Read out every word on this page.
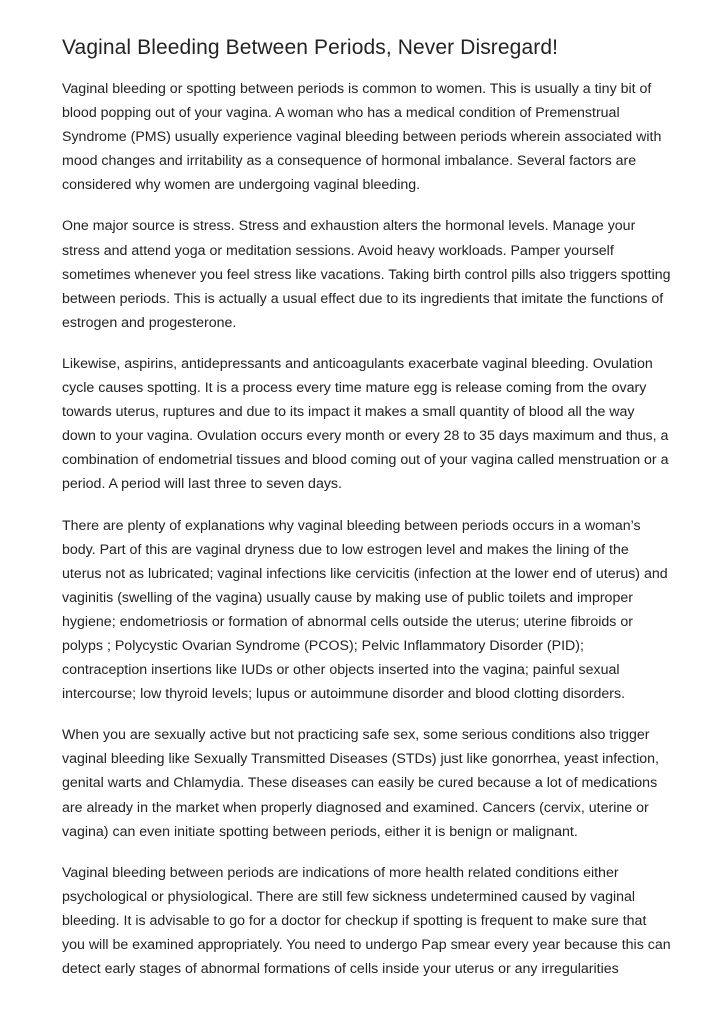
Vaginal Bleeding Between Periods, Never Disregard!

Vaginal bleeding or spotting between periods is common to women. This is usually a tiny bit of blood popping out of your vagina. A woman who has a medical condition of Premenstrual Syndrome (PMS) usually experience vaginal bleeding between periods wherein associated with mood changes and irritability as a consequence of hormonal imbalance. Several factors are considered why women are undergoing vaginal bleeding.

One major source is stress. Stress and exhaustion alters the hormonal levels. Manage your stress and attend yoga or meditation sessions. Avoid heavy workloads. Pamper yourself sometimes whenever you feel stress like vacations. Taking birth control pills also triggers spotting between periods. This is actually a usual effect due to its ingredients that imitate the functions of estrogen and progesterone.

Likewise, aspirins, antidepressants and anticoagulants exacerbate vaginal bleeding. Ovulation cycle causes spotting. It is a process every time mature egg is release coming from the ovary towards uterus, ruptures and due to its impact it makes a small quantity of blood all the way down to your vagina. Ovulation occurs every month or every 28 to 35 days maximum and thus, a combination of endometrial tissues and blood coming out of your vagina called menstruation or a period. A period will last three to seven days.

There are plenty of explanations why vaginal bleeding between periods occurs in a woman’s body. Part of this are vaginal dryness due to low estrogen level and makes the lining of the uterus not as lubricated; vaginal infections like cervicitis (infection at the lower end of uterus) and vaginitis (swelling of the vagina) usually cause by making use of public toilets and improper hygiene; endometriosis or formation of abnormal cells outside the uterus; uterine fibroids or polyps ; Polycystic Ovarian Syndrome (PCOS); Pelvic Inflammatory Disorder (PID); contraception insertions like IUDs or other objects inserted into the vagina; painful sexual intercourse; low thyroid levels; lupus or autoimmune disorder and blood clotting disorders.

When you are sexually active but not practicing safe sex, some serious conditions also trigger vaginal bleeding like Sexually Transmitted Diseases (STDs) just like gonorrhea, yeast infection, genital warts and Chlamydia. These diseases can easily be cured because a lot of medications are already in the market when properly diagnosed and examined. Cancers (cervix, uterine or vagina) can even initiate spotting between periods, either it is benign or malignant.

Vaginal bleeding between periods are indications of more health related conditions either psychological or physiological. There are still few sickness undetermined caused by vaginal bleeding. It is advisable to go for a doctor for checkup if spotting is frequent to make sure that you will be examined appropriately. You need to undergo Pap smear every year because this can detect early stages of abnormal formations of cells inside your uterus or any irregularities
